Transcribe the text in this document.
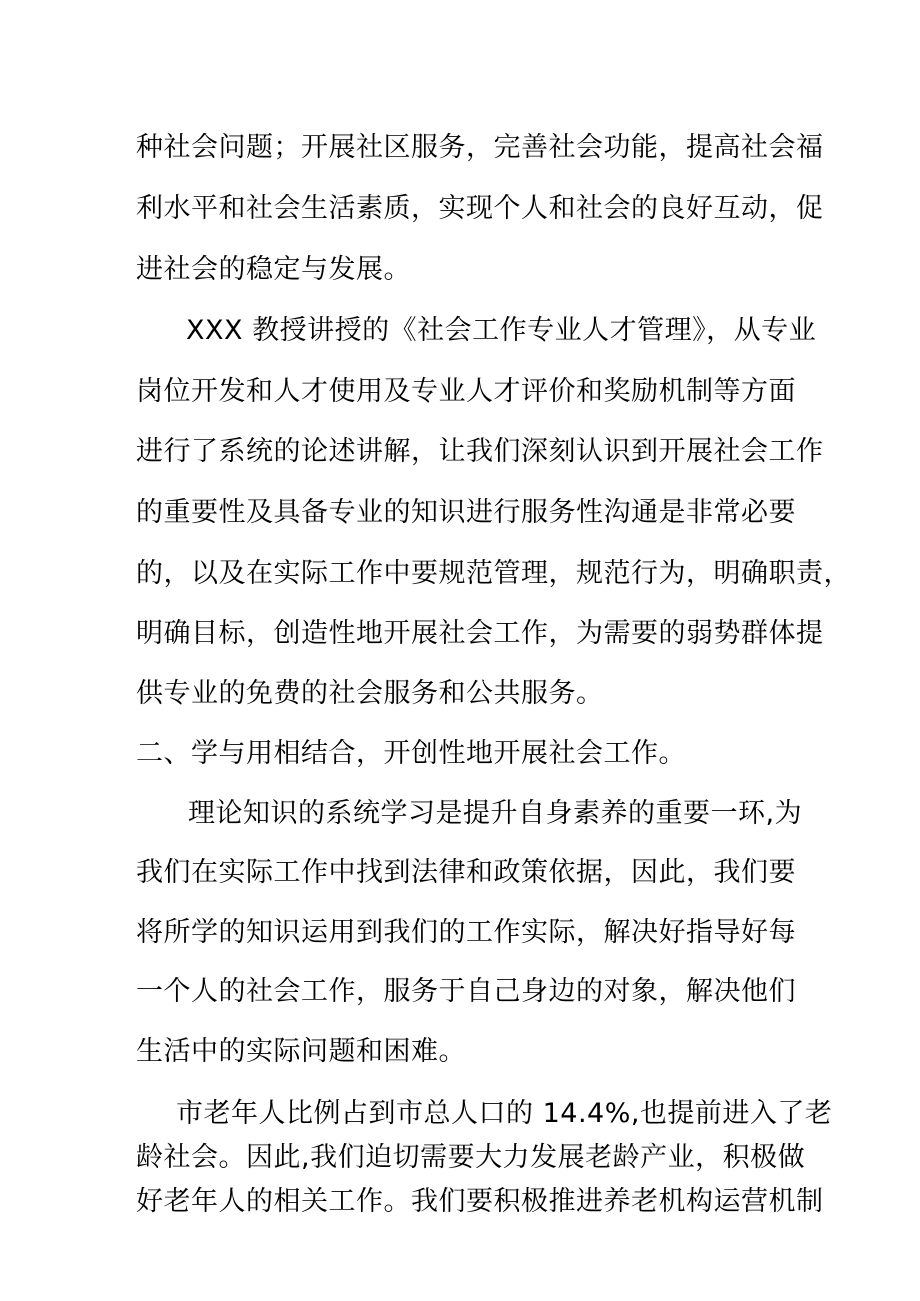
种社会问题；开展社区服务，完善社会功能，提高社会福
利水平和社会生活素质，实现个人和社会的良好互动，促
进社会的稳定与发展。
XXX 教授讲授的《社会工作专业人才管理》，从专业
岗位开发和人才使用及专业人才评价和奖励机制等方面
进行了系统的论述讲解，让我们深刻认识到开展社会工作
的重要性及具备专业的知识进行服务性沟通是非常必要
的，以及在实际工作中要规范管理，规范行为，明确职责，
明确目标，创造性地开展社会工作，为需要的弱势群体提
供专业的免费的社会服务和公共服务。
二、学与用相结合，开创性地开展社会工作。
理论知识的系统学习是提升自身素养的重要一环,为
我们在实际工作中找到法律和政策依据，因此，我们要
将所学的知识运用到我们的工作实际，解决好指导好每
一个人的社会工作，服务于自己身边的对象，解决他们
生活中的实际问题和困难。
市老年人比例占到市总人口的 14.4%,也提前进入了老
龄社会。因此,我们迫切需要大力发展老龄产业，积极做
好老年人的相关工作。我们要积极推进养老机构运营机制
